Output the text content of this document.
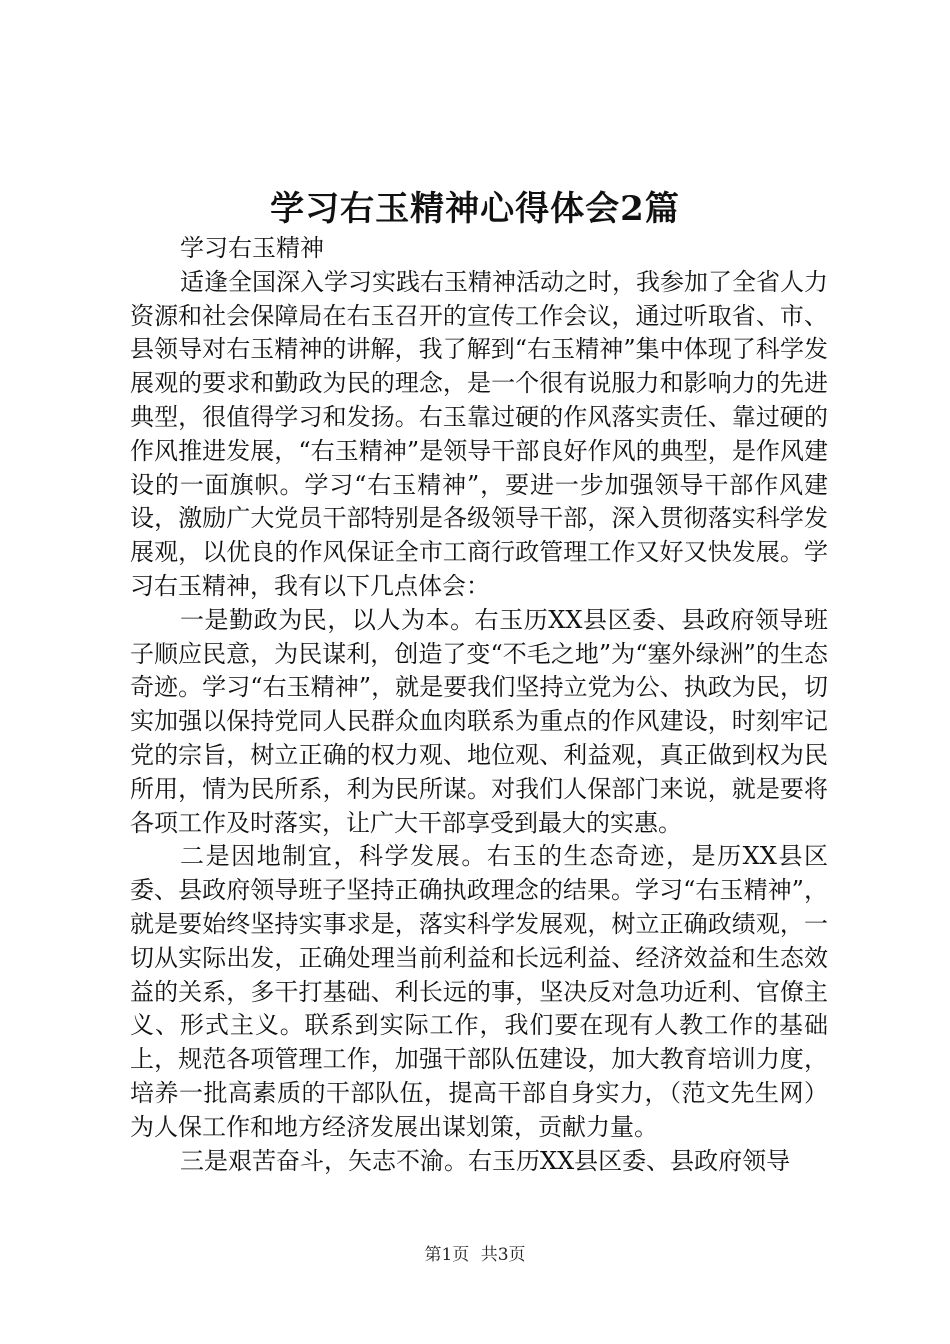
学习右玉精神心得体会2篇

学习右玉精神

适逢全国深入学习实践右玉精神活动之时，我参加了全省人力资源和社会保障局在右玉召开的宣传工作会议，通过听取省、市、县领导对右玉精神的讲解，我了解到“右玉精神”集中体现了科学发展观的要求和勤政为民的理念，是一个很有说服力和影响力的先进典型，很值得学习和发扬。右玉靠过硬的作风落实责任、靠过硬的作风推进发展，“右玉精神”是领导干部良好作风的典型，是作风建设的一面旗帜。学习“右玉精神”，要进一步加强领导干部作风建设，激励广大党员干部特别是各级领导干部，深入贯彻落实科学发展观，以优良的作风保证全市工商行政管理工作又好又快发展。学习右玉精神，我有以下几点体会：

一是勤政为民，以人为本。右玉历XX县区委、县政府领导班子顺应民意，为民谋利，创造了变“不毛之地”为“塞外绿洲”的生态奇迹。学习“右玉精神”，就是要我们坚持立党为公、执政为民，切实加强以保持党同人民群众血肉联系为重点的作风建设，时刻牢记党的宗旨，树立正确的权力观、地位观、利益观，真正做到权为民所用，情为民所系，利为民所谋。对我们人保部门来说，就是要将各项工作及时落实，让广大干部享受到最大的实惠。

二是因地制宜，科学发展。右玉的生态奇迹，是历XX县区委、县政府领导班子坚持正确执政理念的结果。学习“右玉精神”，就是要始终坚持实事求是，落实科学发展观，树立正确政绩观，一切从实际出发，正确处理当前利益和长远利益、经济效益和生态效益的关系，多干打基础、利长远的事，坚决反对急功近利、官僚主义、形式主义。联系到实际工作，我们要在现有人教工作的基础上，规范各项管理工作，加强干部队伍建设，加大教育培训力度，培养一批高素质的干部队伍，提高干部自身实力，（范文先生网）为人保工作和地方经济发展出谋划策，贡献力量。

三是艰苦奋斗，矢志不渝。右玉历XX县区委、县政府领导

第1页 共3页
